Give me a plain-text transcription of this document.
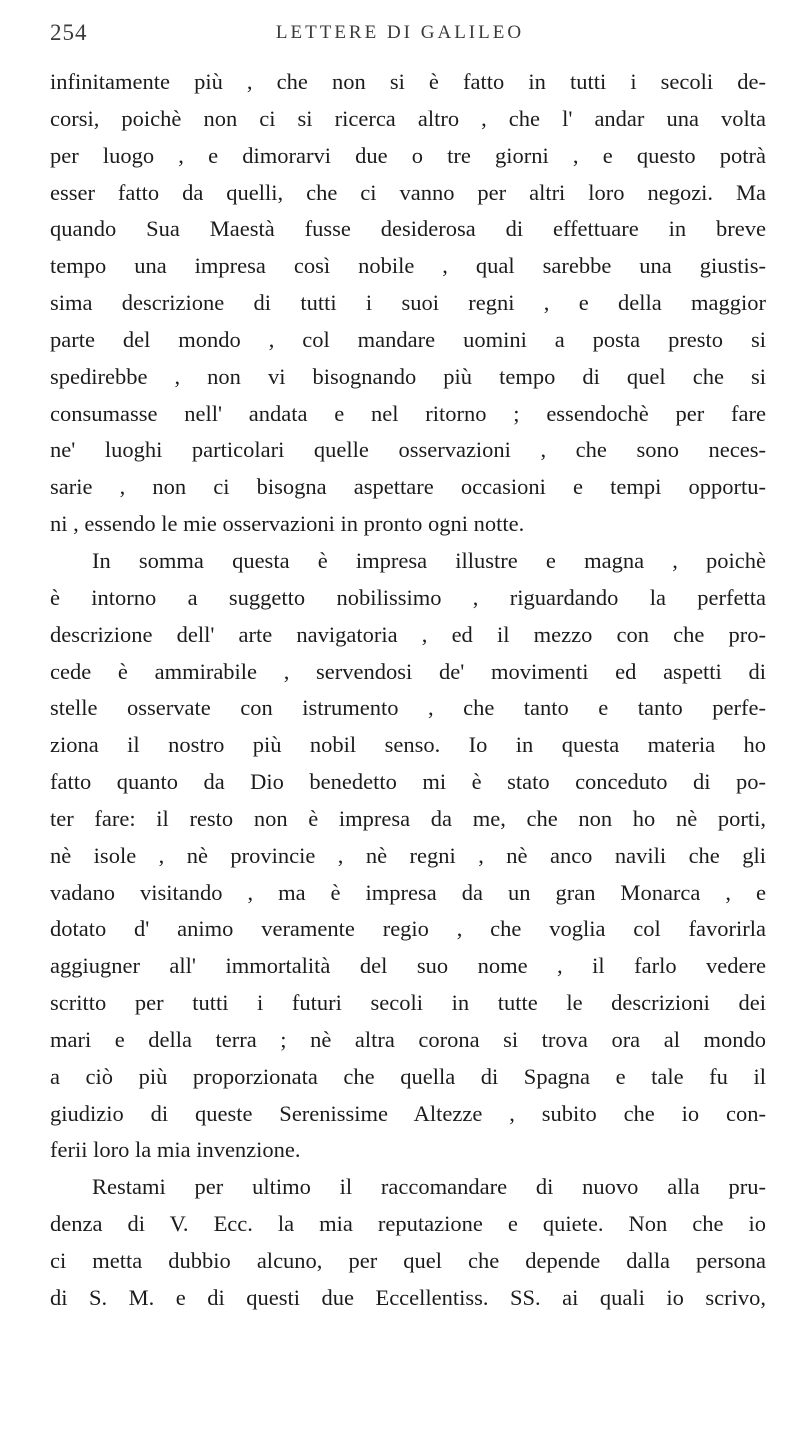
254	LETTERE DI GALILEO
infinitamente più , che non si è fatto in tutti i secoli de-
corsi, poichè non ci si ricerca altro , che l' andar una volta
per luogo , e dimorarvi due o tre giorni , e questo potrà
esser fatto da quelli, che ci vanno per altri loro negozi. Ma
quando Sua Maestà fusse desiderosa di effettuare in breve
tempo una impresa così nobile , qual sarebbe una giustis-
sima descrizione di tutti i suoi regni , e della maggior
parte del mondo , col mandare uomini a posta presto si
spedirebbe , non vi bisognando più tempo di quel che si
consumasse nell' andata e nel ritorno ; essendochè per fare
ne' luoghi particolari quelle osservazioni , che sono neces-
sarie , non ci bisogna aspettare occasioni e tempi opportu-
ni , essendo le mie osservazioni in pronto ogni notte.
In somma questa è impresa illustre e magna , poichè
è intorno a suggetto nobilissimo , riguardando la perfetta
descrizione dell' arte navigatoria , ed il mezzo con che pro-
cede è ammirabile , servendosi de' movimenti ed aspetti di
stelle osservate con istrumento , che tanto e tanto perfe-
ziona il nostro più nobil senso. Io in questa materia ho
fatto quanto da Dio benedetto mi è stato conceduto di po-
ter fare: il resto non è impresa da me, che non ho nè porti,
nè isole , nè provincie , nè regni , nè anco navili che gli
vadano visitando , ma è impresa da un gran Monarca , e
dotato d' animo veramente regio , che voglia col favorirla
aggiugner all' immortalità del suo nome , il farlo vedere
scritto per tutti i futuri secoli in tutte le descrizioni dei
mari e della terra ; nè altra corona si trova ora al mondo
a ciò più proporzionata che quella di Spagna e tale fu il
giudizio di queste Serenissime Altezze , subito che io con-
ferii loro la mia invenzione.
Restami per ultimo il raccomandare di nuovo alla pru-
denza di V. Ecc. la mia reputazione e quiete. Non che io
ci metta dubbio alcuno, per quel che depende dalla persona
di S. M. e di questi due Eccellentiss. SS. ai quali io scrivo,
